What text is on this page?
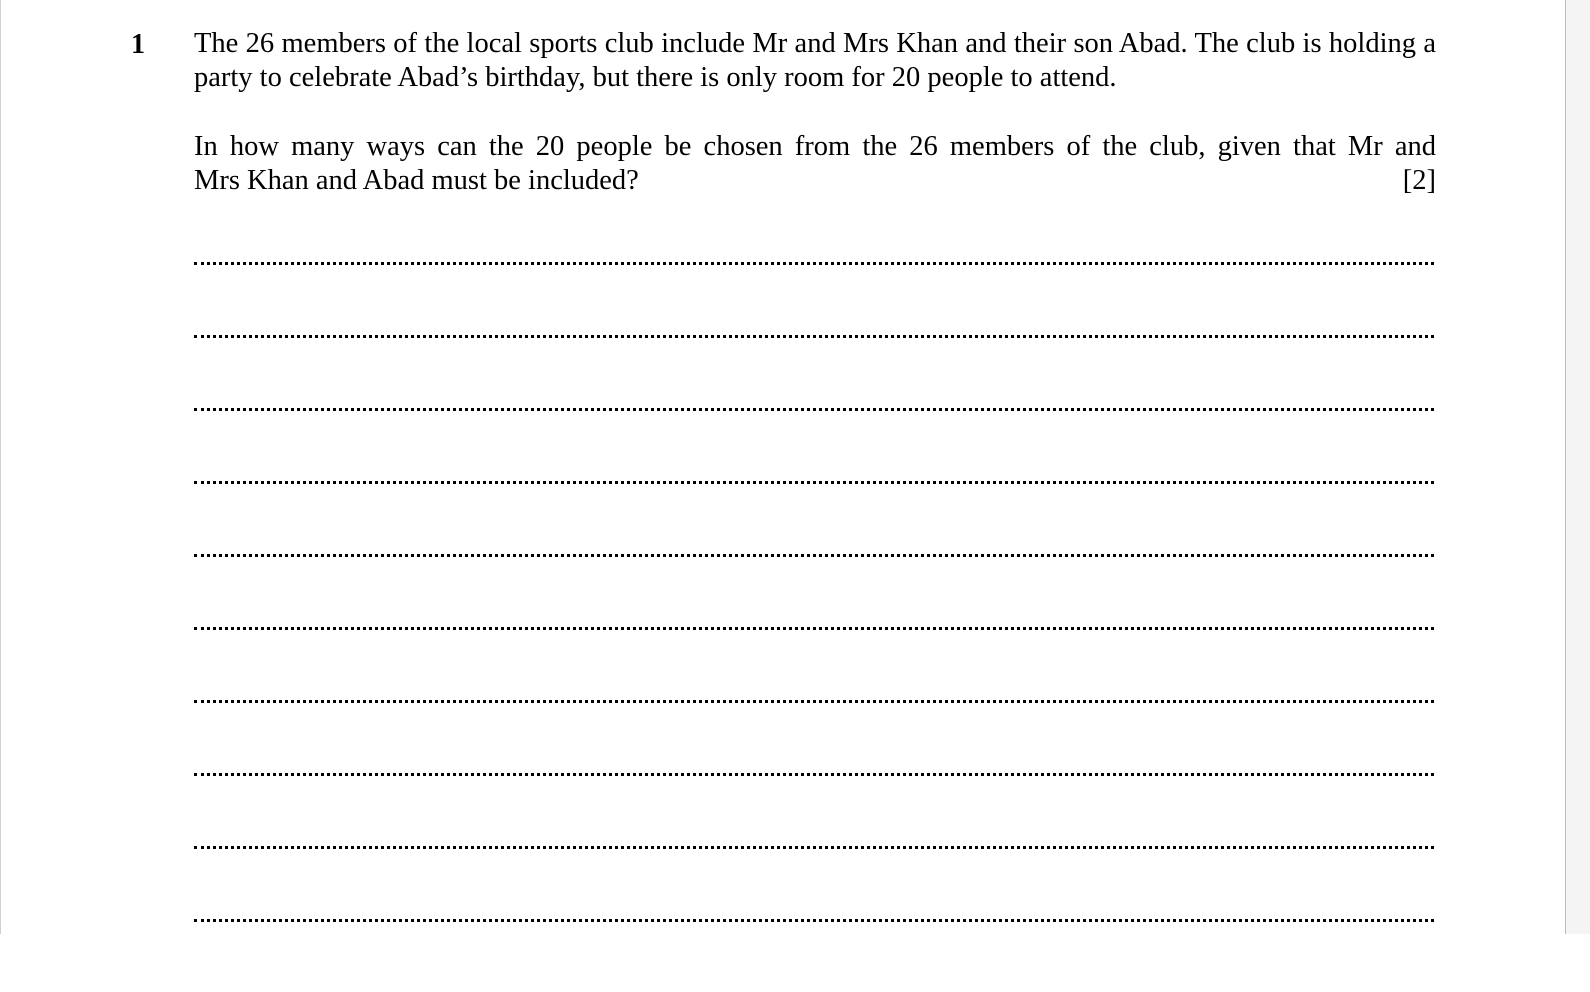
1 The 26 members of the local sports club include Mr and Mrs Khan and their son Abad. The club is holding a party to celebrate Abad’s birthday, but there is only room for 20 people to attend.

In how many ways can the 20 people be chosen from the 26 members of the club, given that Mr and
Mrs Khan and Abad must be included?	[2]
